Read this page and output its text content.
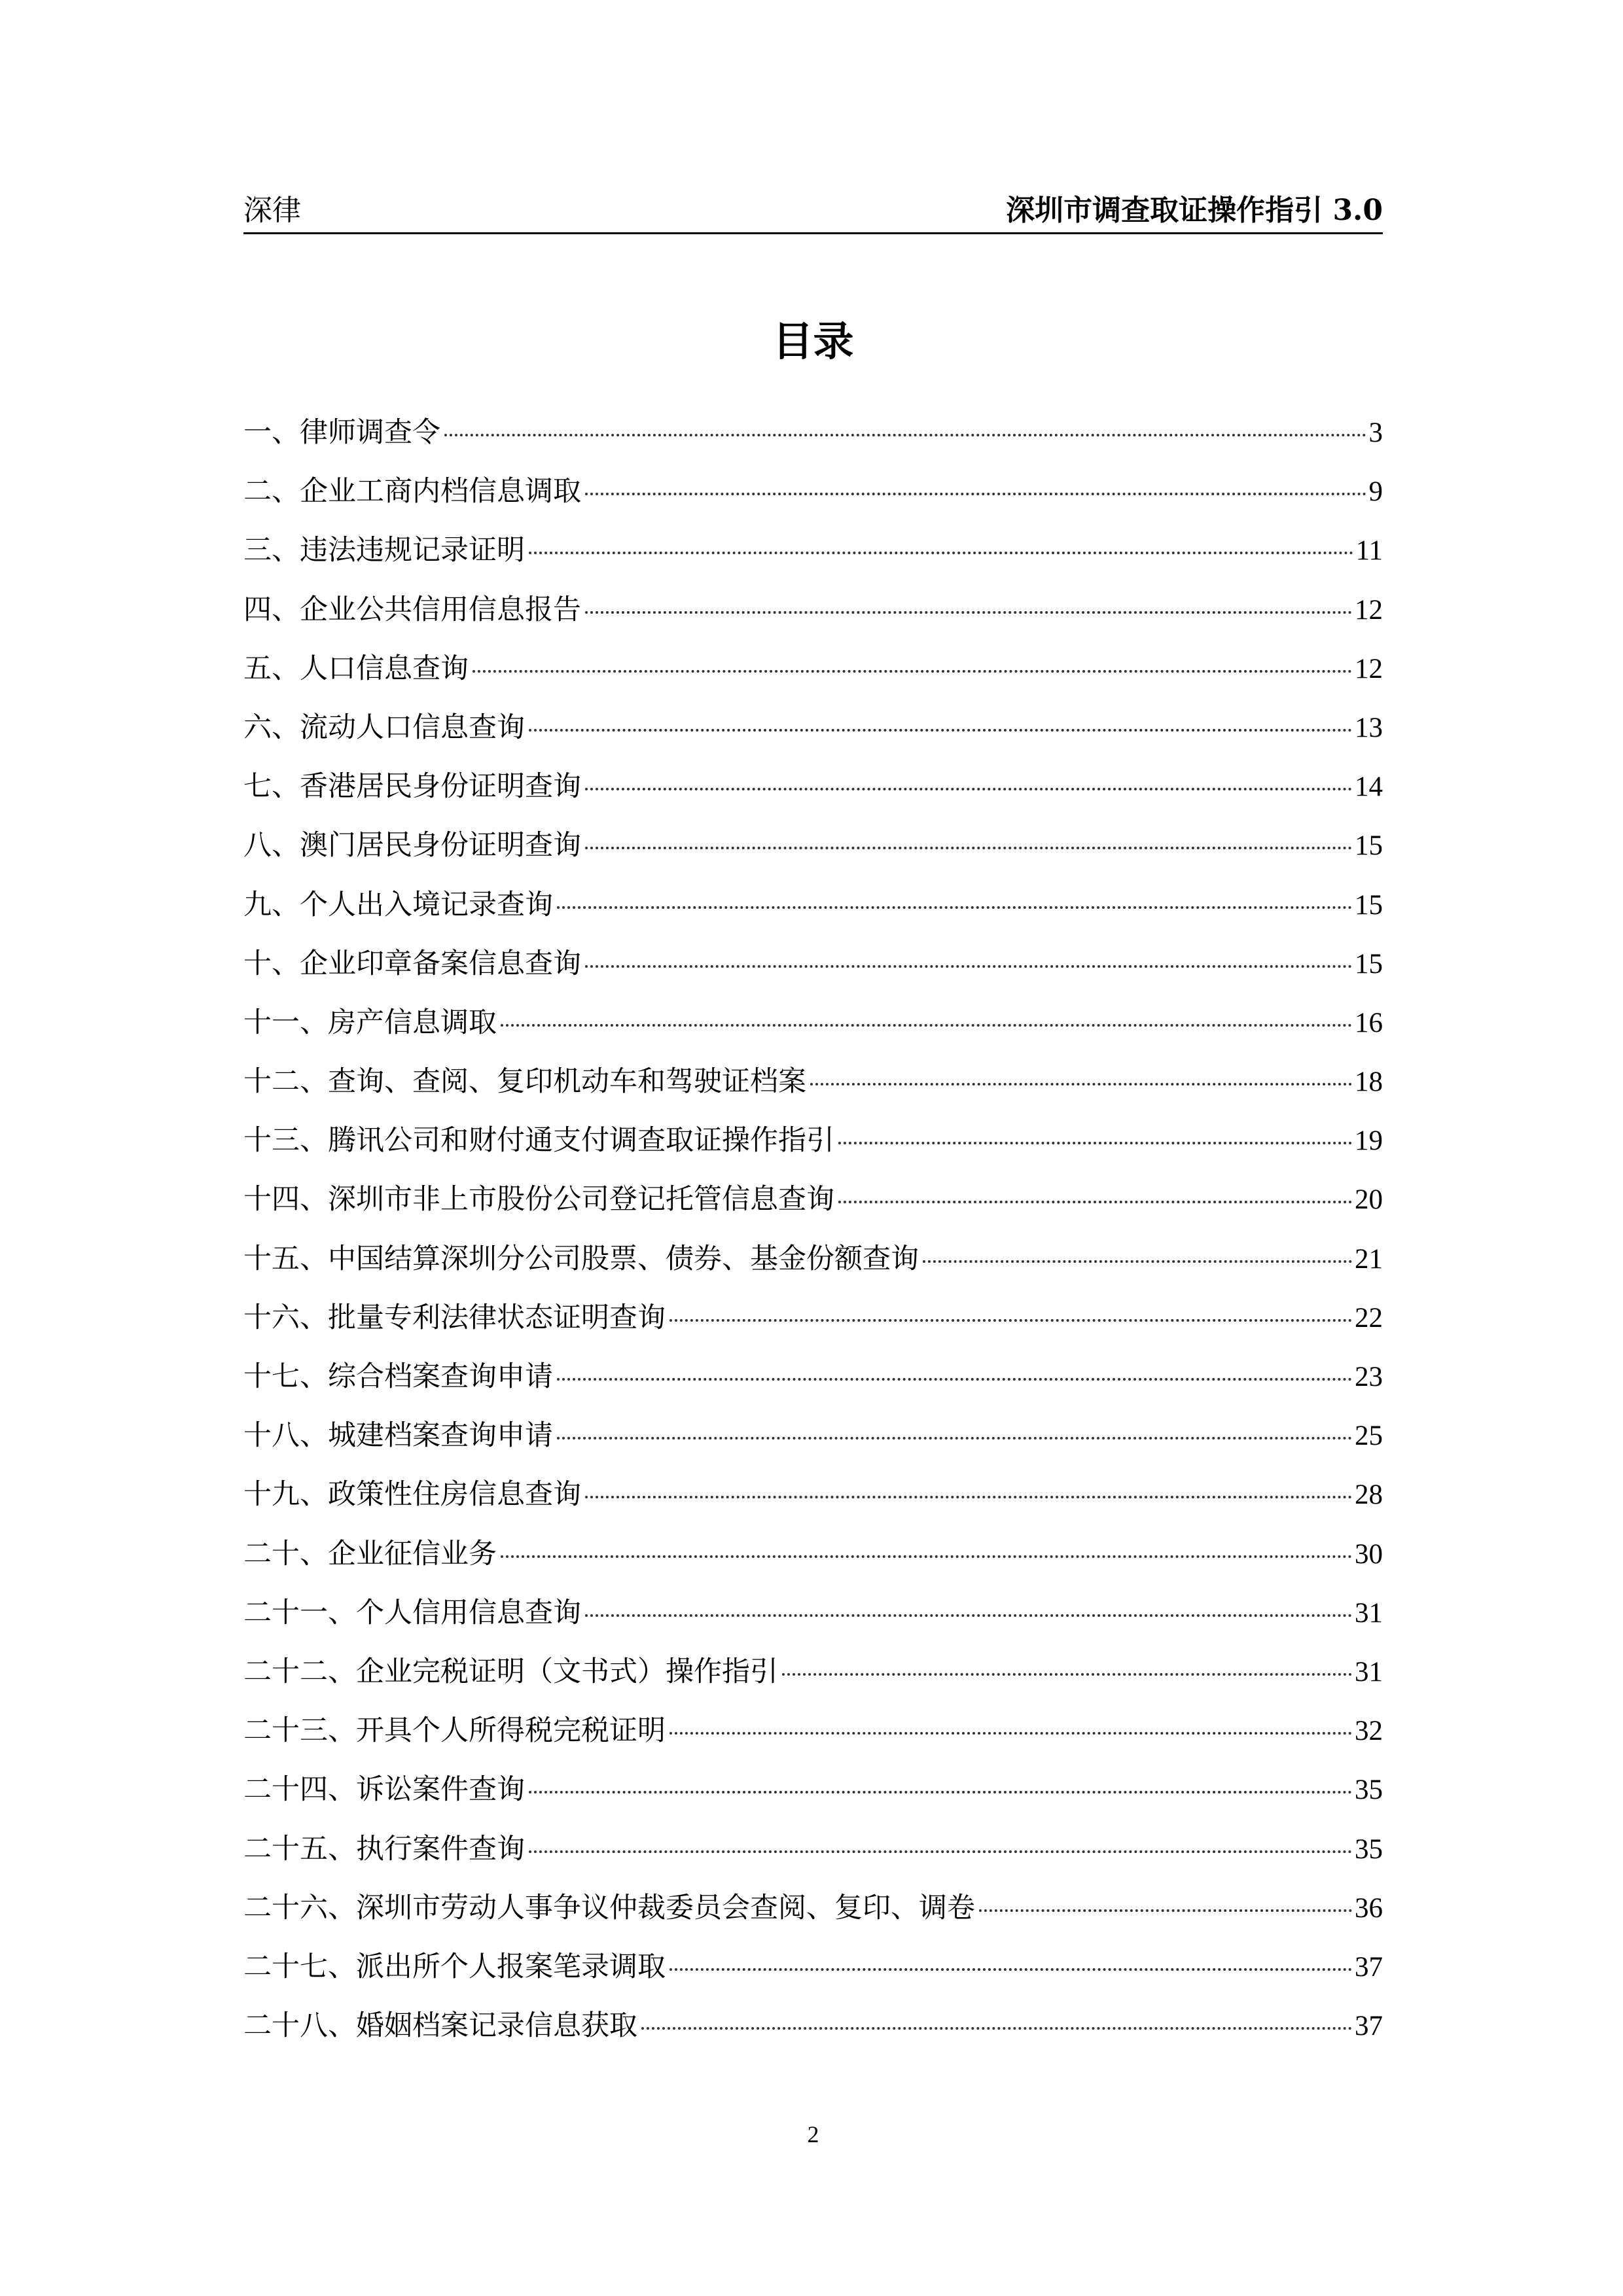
深律	深圳市调查取证操作指引 3.0
目录
一、律师调查令	3
二、企业工商内档信息调取	9
三、违法违规记录证明	11
四、企业公共信用信息报告	12
五、人口信息查询	12
六、流动人口信息查询	13
七、香港居民身份证明查询	14
八、澳门居民身份证明查询	15
九、个人出入境记录查询	15
十、企业印章备案信息查询	15
十一、房产信息调取	16
十二、查询、查阅、复印机动车和驾驶证档案	18
十三、腾讯公司和财付通支付调查取证操作指引	19
十四、深圳市非上市股份公司登记托管信息查询	20
十五、中国结算深圳分公司股票、债券、基金份额查询	21
十六、批量专利法律状态证明查询	22
十七、综合档案查询申请	23
十八、城建档案查询申请	25
十九、政策性住房信息查询	28
二十、企业征信业务	30
二十一、个人信用信息查询	31
二十二、企业完税证明（文书式）操作指引	31
二十三、开具个人所得税完税证明	32
二十四、诉讼案件查询	35
二十五、执行案件查询	35
二十六、深圳市劳动人事争议仲裁委员会查阅、复印、调卷	36
二十七、派出所个人报案笔录调取	37
二十八、婚姻档案记录信息获取	37
2
